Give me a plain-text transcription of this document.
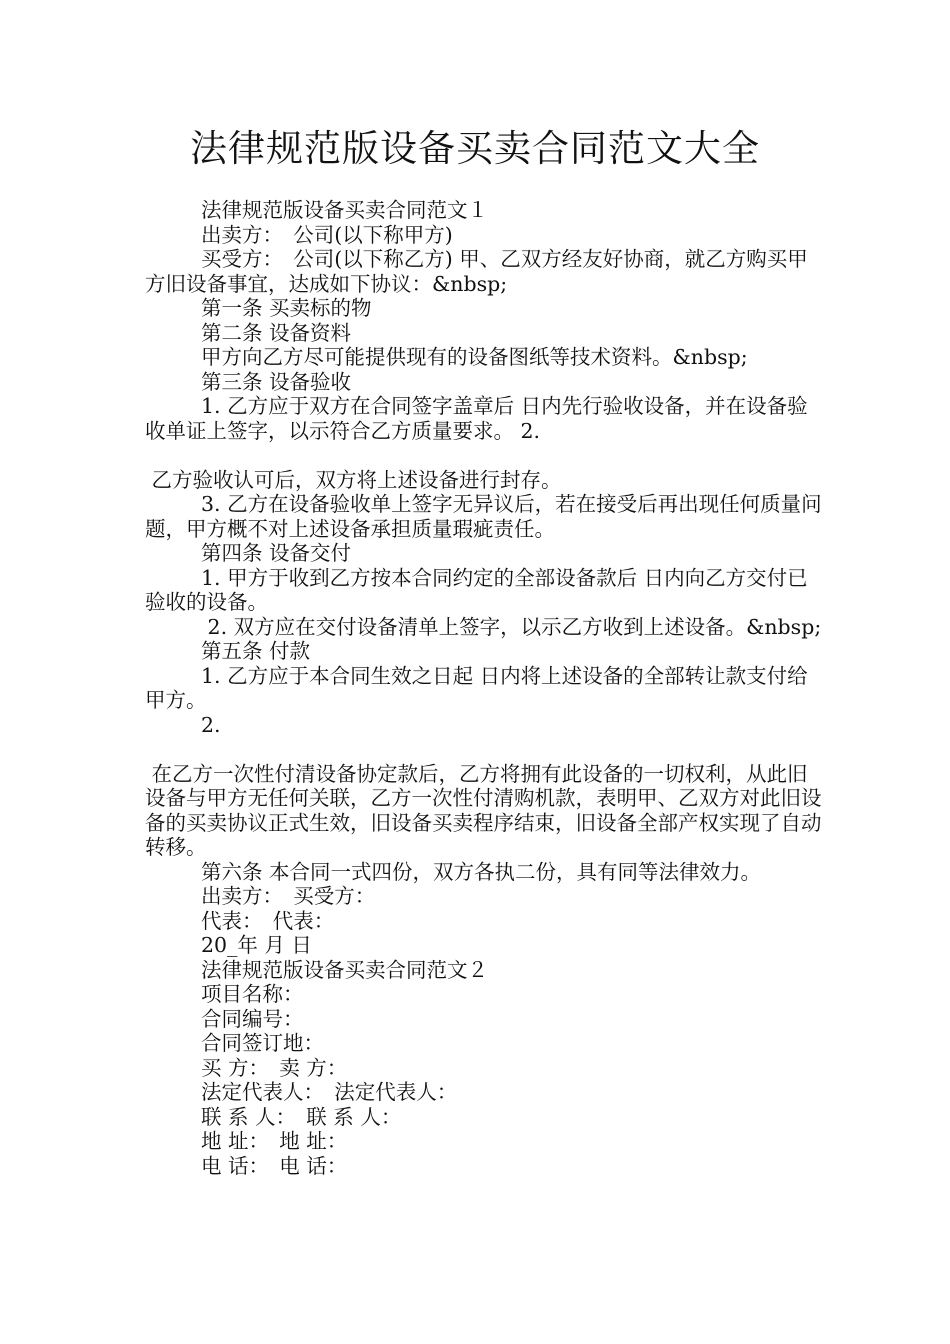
法律规范版设备买卖合同范文大全

法律规范版设备买卖合同范文１

出卖方：　公司(以下称甲方)

买受方：　公司(以下称乙方) 甲、乙双方经友好协商，就乙方购买甲方旧设备事宜，达成如下协议：&nbsp;

第一条 买卖标的物

第二条 设备资料

甲方向乙方尽可能提供现有的设备图纸等技术资料。&nbsp;

第三条 设备验收

1. 乙方应于双方在合同签字盖章后 日内先行验收设备，并在设备验收单证上签字，以示符合乙方质量要求。 2.

乙方验收认可后，双方将上述设备进行封存。

3. 乙方在设备验收单上签字无异议后，若在接受后再出现任何质量问题，甲方概不对上述设备承担质量瑕疵责任。

第四条 设备交付

1. 甲方于收到乙方按本合同约定的全部设备款后 日内向乙方交付已验收的设备。

2. 双方应在交付设备清单上签字，以示乙方收到上述设备。&nbsp;

第五条 付款

1. 乙方应于本合同生效之日起 日内将上述设备的全部转让款支付给甲方。

2.

在乙方一次性付清设备协定款后，乙方将拥有此设备的一切权利，从此旧设备与甲方无任何关联，乙方一次性付清购机款，表明甲、乙双方对此旧设备的买卖协议正式生效，旧设备买卖程序结束，旧设备全部产权实现了自动转移。

第六条 本合同一式四份，双方各执二份，具有同等法律效力。

出卖方：　买受方：

代表：　代表：

20_年 月 日

法律规范版设备买卖合同范文２

项目名称：

合同编号：

合同签订地：

买 方：　卖 方：

法定代表人：　法定代表人：

联 系 人：　联 系 人：

地 址：　地 址：

电 话：　电 话：
